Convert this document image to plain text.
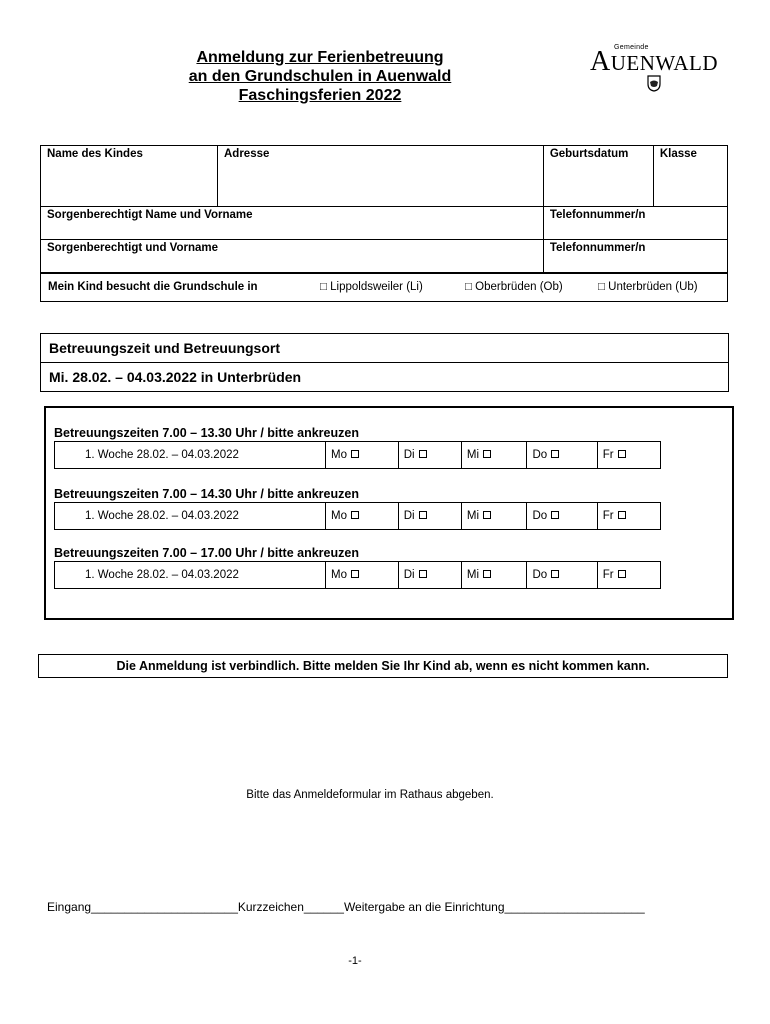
Anmeldung zur Ferienbetreuung
an den Grundschulen in Auenwald
Faschingsferien 2022
Gemeinde
AUENWALD
Name des Kindes	Adresse	Geburtsdatum	Klasse
Sorgenberechtigt Name und Vorname		Telefonnummer/n	
Sorgenberechtigt und Vorname		Telefonnummer/n	
Mein Kind besucht die Grundschule in	□ Lippoldsweiler (Li)	□ Oberbrüden (Ob)	□ Unterbrüden (Ub)
Betreuungszeit und Betreuungsort
Mi. 28.02. – 04.03.2022 in Unterbrüden
Betreuungszeiten 7.00 – 13.30 Uhr / bitte ankreuzen
1. Woche 28.02. – 04.03.2022	Mo	Di	Mi	Do	Fr
Betreuungszeiten 7.00 – 14.30 Uhr / bitte ankreuzen
1. Woche 28.02. – 04.03.2022	Mo	Di	Mi	Do	Fr
Betreuungszeiten 7.00 – 17.00 Uhr / bitte ankreuzen
1. Woche 28.02. – 04.03.2022	Mo	Di	Mi	Do	Fr
Die Anmeldung ist verbindlich. Bitte melden Sie Ihr Kind ab, wenn es nicht kommen kann.
Bitte das Anmeldeformular im Rathaus abgeben.
Eingang______________________Kurzzeichen______Weitergabe an die Einrichtung_____________________
-1-
